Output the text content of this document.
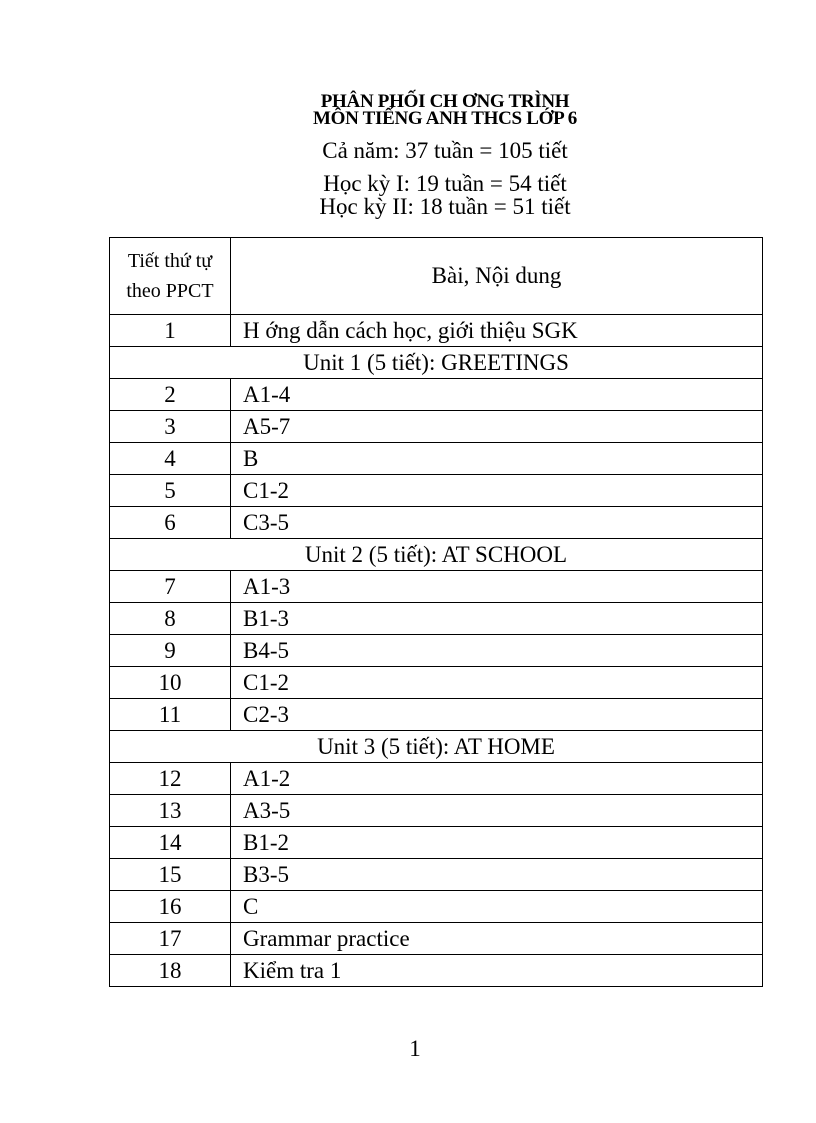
PHÂN PHỐI CH ƠNG TRÌNH
MÔN TIẾNG ANH THCS LỚP 6
Cả năm: 37 tuần = 105 tiết
Học kỳ I: 19 tuần = 54 tiết
Học kỳ II: 18 tuần = 51 tiết
Tiết thứ tự theo PPCT	Bài, Nội dung
1	H ớng dẫn cách học, giới thiệu SGK
Unit 1 (5 tiết): GREETINGS	
2	A1-4
3	A5-7
4	B
5	C1-2
6	C3-5
Unit 2 (5 tiết): AT SCHOOL	
7	A1-3
8	B1-3
9	B4-5
10	C1-2
11	C2-3
Unit 3 (5 tiết): AT HOME	
12	A1-2
13	A3-5
14	B1-2
15	B3-5
16	C
17	Grammar practice
18	Kiểm tra 1
1
